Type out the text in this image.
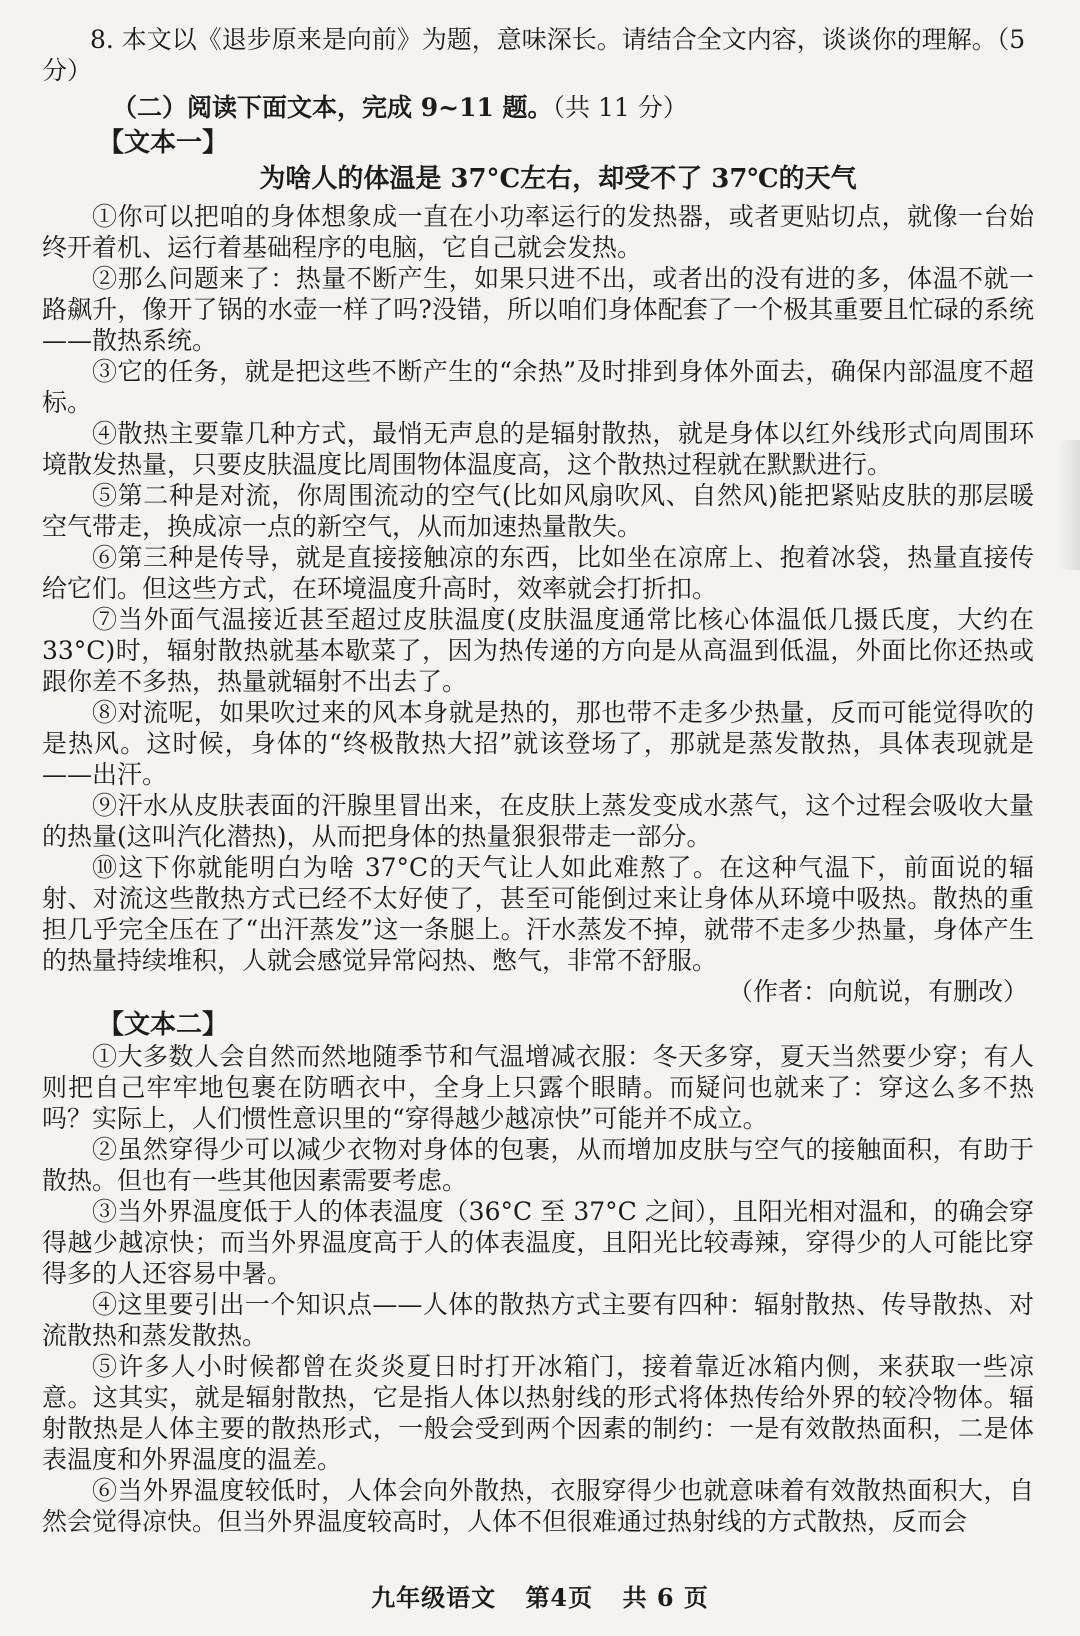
8. 本文以《退步原来是向前》为题，意味深长。请结合全文内容，谈谈你的理解。（5
分）

（二）阅读下面文本，完成 9~11 题。（共 11 分）
【文本一】
为啥人的体温是 37°C左右，却受不了 37℃的天气

①你可以把咱的身体想象成一直在小功率运行的发热器，或者更贴切点，就像一台始终开着机、运行着基础程序的电脑，它自己就会发热。

②那么问题来了：热量不断产生，如果只进不出，或者出的没有进的多，体温不就一路飙升，像开了锅的水壶一样了吗?没错，所以咱们身体配套了一个极其重要且忙碌的系统——散热系统。

③它的任务，就是把这些不断产生的“余热”及时排到身体外面去，确保内部温度不超标。

④散热主要靠几种方式，最悄无声息的是辐射散热，就是身体以红外线形式向周围环境散发热量，只要皮肤温度比周围物体温度高，这个散热过程就在默默进行。

⑤第二种是对流，你周围流动的空气(比如风扇吹风、自然风)能把紧贴皮肤的那层暖空气带走，换成凉一点的新空气，从而加速热量散失。

⑥第三种是传导，就是直接接触凉的东西，比如坐在凉席上、抱着冰袋，热量直接传给它们。但这些方式，在环境温度升高时，效率就会打折扣。

⑦当外面气温接近甚至超过皮肤温度(皮肤温度通常比核心体温低几摄氏度，大约在 33°C)时，辐射散热就基本歇菜了，因为热传递的方向是从高温到低温，外面比你还热或跟你差不多热，热量就辐射不出去了。

⑧对流呢，如果吹过来的风本身就是热的，那也带不走多少热量，反而可能觉得吹的是热风。这时候，身体的“终极散热大招”就该登场了，那就是蒸发散热，具体表现就是——出汗。

⑨汗水从皮肤表面的汗腺里冒出来，在皮肤上蒸发变成水蒸气，这个过程会吸收大量的热量(这叫汽化潜热)，从而把身体的热量狠狠带走一部分。

⑩这下你就能明白为啥 37°C的天气让人如此难熬了。在这种气温下，前面说的辐射、对流这些散热方式已经不太好使了，甚至可能倒过来让身体从环境中吸热。散热的重担几乎完全压在了“出汗蒸发”这一条腿上。汗水蒸发不掉，就带不走多少热量，身体产生的热量持续堆积，人就会感觉异常闷热、憋气，非常不舒服。

（作者：向航说，有删改）
【文本二】

①大多数人会自然而然地随季节和气温增减衣服：冬天多穿，夏天当然要少穿；有人则把自己牢牢地包裹在防晒衣中，全身上只露个眼睛。而疑问也就来了：穿这么多不热吗？实际上，人们惯性意识里的“穿得越少越凉快”可能并不成立。

②虽然穿得少可以减少衣物对身体的包裹，从而增加皮肤与空气的接触面积，有助于散热。但也有一些其他因素需要考虑。

③当外界温度低于人的体表温度（36°C 至 37°C 之间），且阳光相对温和，的确会穿得越少越凉快；而当外界温度高于人的体表温度，且阳光比较毒辣，穿得少的人可能比穿得多的人还容易中暑。

④这里要引出一个知识点——人体的散热方式主要有四种：辐射散热、传导散热、对流散热和蒸发散热。

⑤许多人小时候都曾在炎炎夏日时打开冰箱门，接着靠近冰箱内侧，来获取一些凉意。这其实，就是辐射散热，它是指人体以热射线的形式将体热传给外界的较冷物体。辐射散热是人体主要的散热形式，一般会受到两个因素的制约：一是有效散热面积，二是体表温度和外界温度的温差。

⑥当外界温度较低时，人体会向外散热，衣服穿得少也就意味着有效散热面积大，自然会觉得凉快。但当外界温度较高时，人体不但很难通过热射线的方式散热，反而会

九年级语文 第4页 共 6 页
